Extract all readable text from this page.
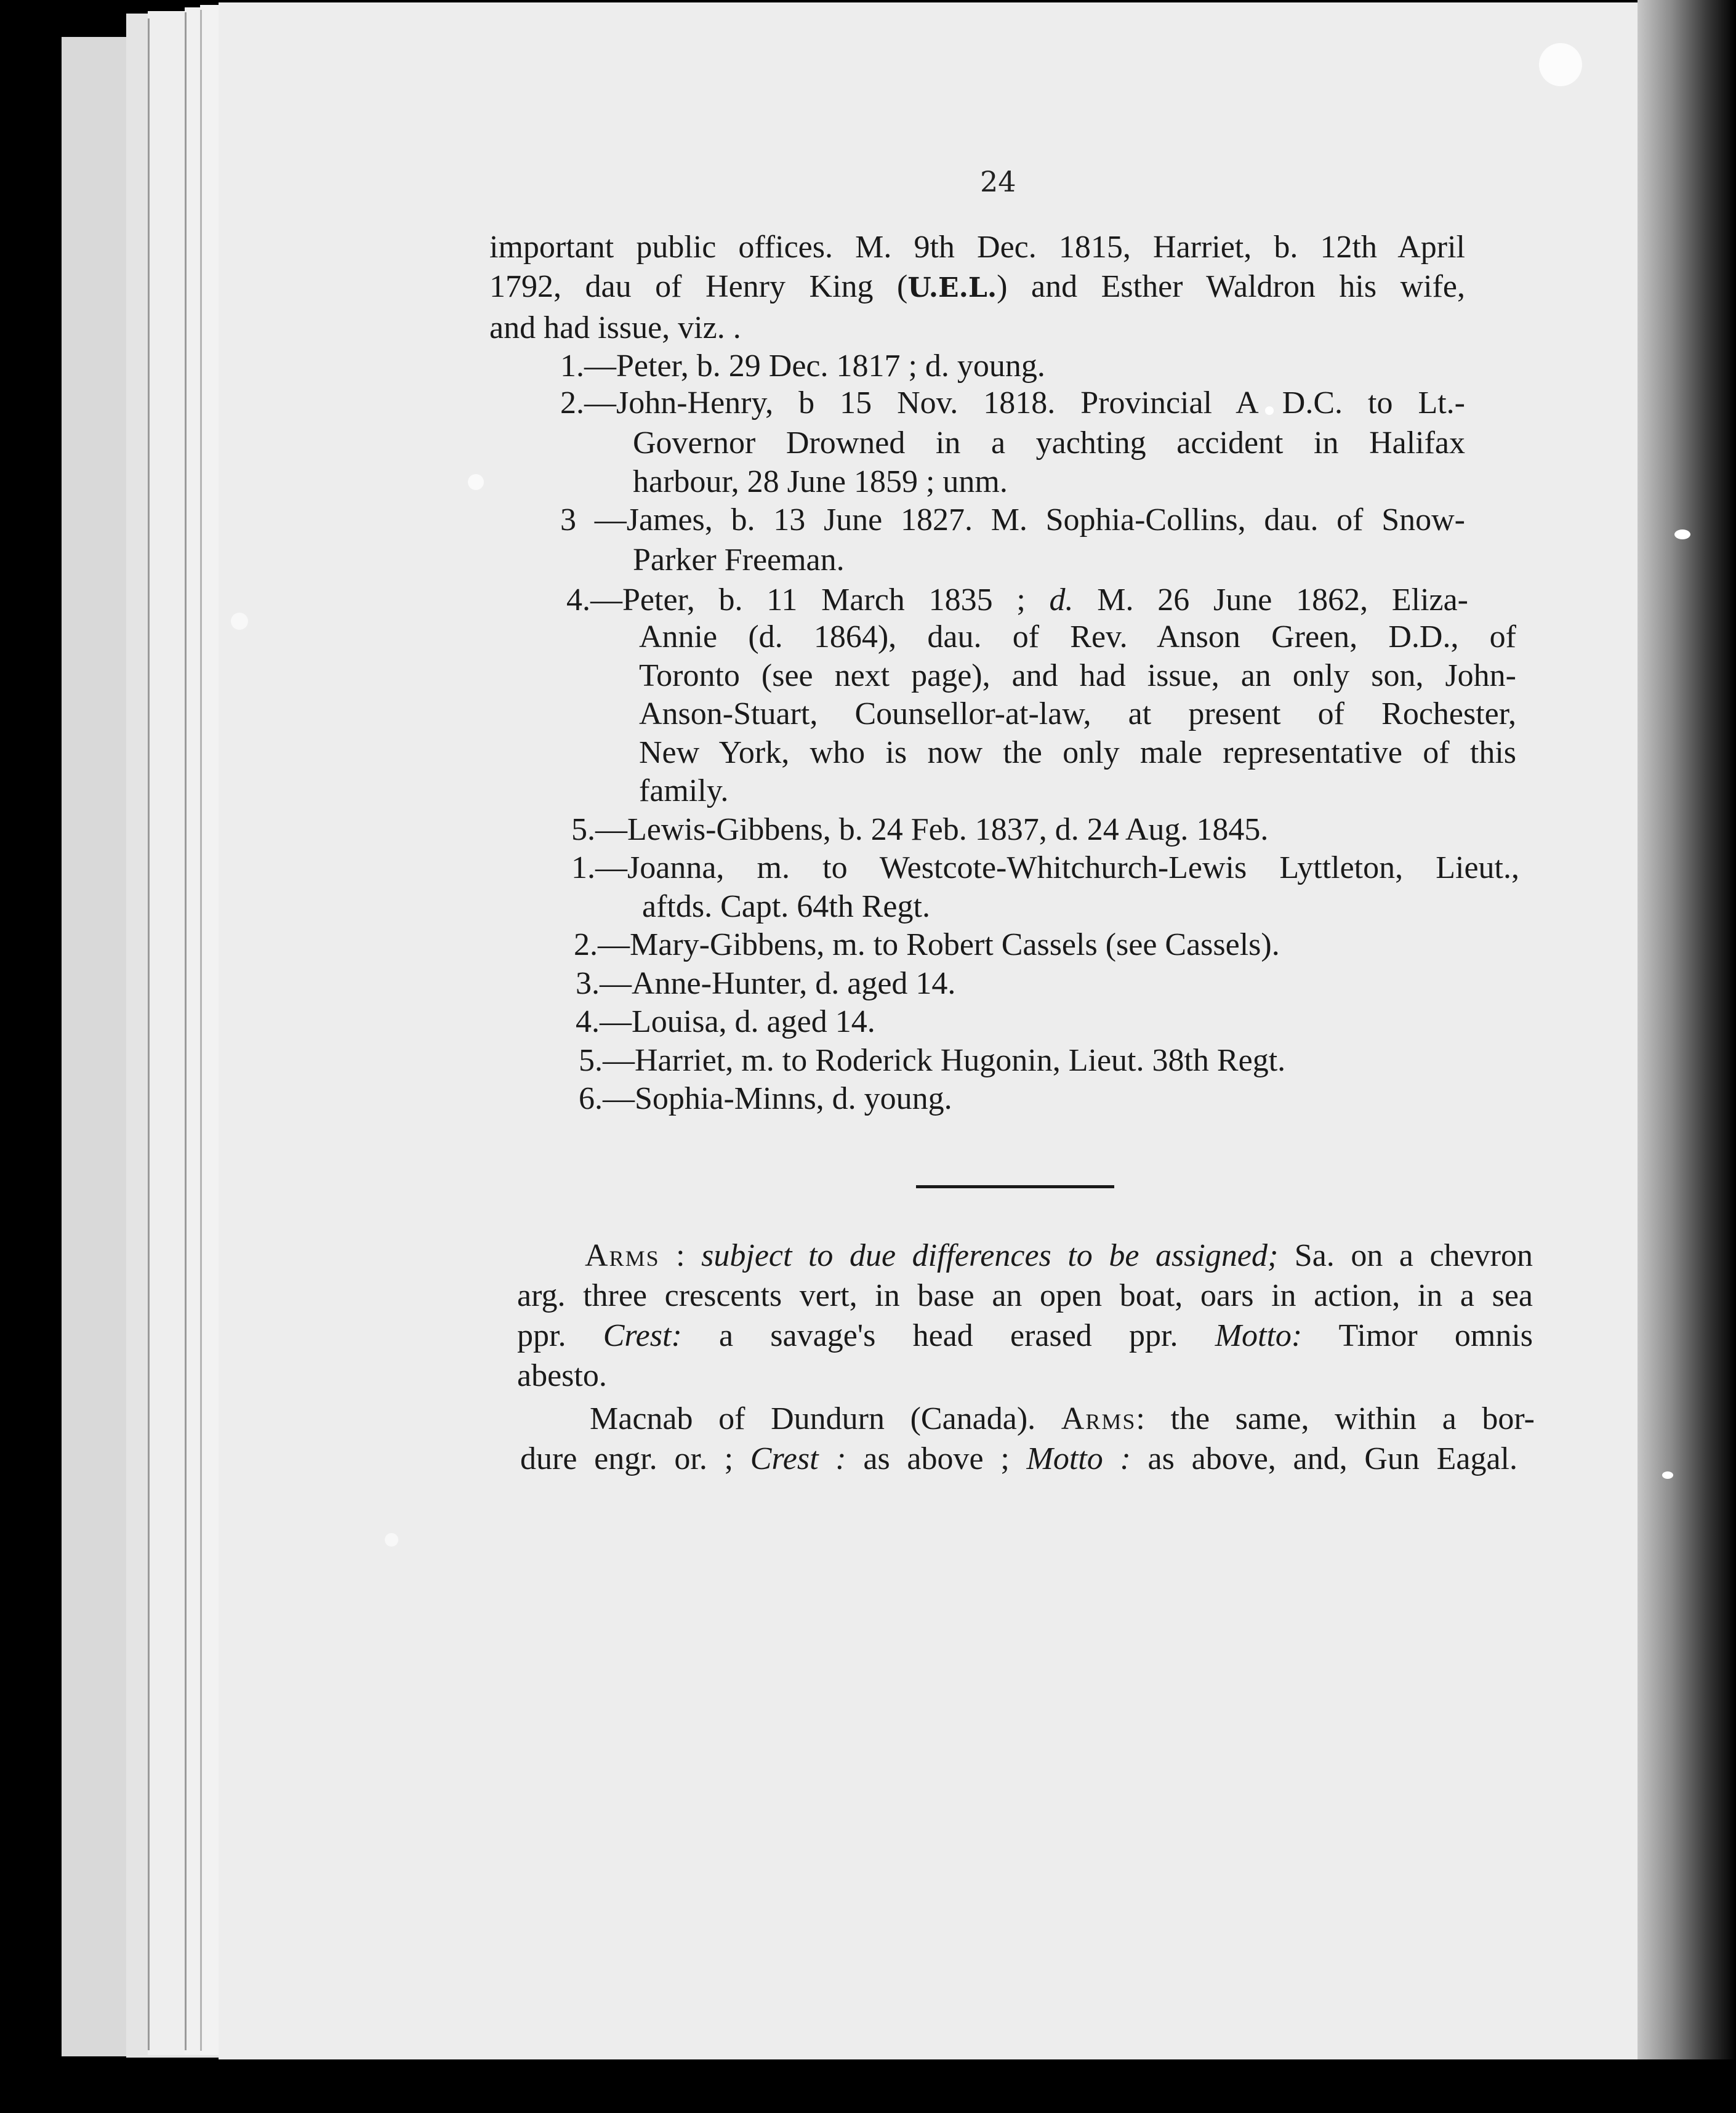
24
important public offices. M. 9th Dec. 1815, Harriet, b. 12th April
1792, dau of Henry King (U.E.L.) and Esther Waldron his wife,
and had issue, viz. .
1.—Peter, b. 29 Dec. 1817 ; d. young.
2.—John-Henry, b 15 Nov. 1818. Provincial A D.C. to Lt.-
Governor Drowned in a yachting accident in Halifax
harbour, 28 June 1859 ; unm.
3 —James, b. 13 June 1827. M. Sophia-Collins, dau. of Snow-
Parker Freeman.
4.—Peter, b. 11 March 1835 ; d. M. 26 June 1862, Eliza-
Annie (d. 1864), dau. of Rev. Anson Green, D.D., of
Toronto (see next page), and had issue, an only son, John-
Anson-Stuart, Counsellor-at-law, at present of Rochester,
New York, who is now the only male representative of this
family.
5.—Lewis-Gibbens, b. 24 Feb. 1837, d. 24 Aug. 1845.
1.—Joanna, m. to Westcote-Whitchurch-Lewis Lyttleton, Lieut.,
aftds. Capt. 64th Regt.
2.—Mary-Gibbens, m. to Robert Cassels (see Cassels).
3.—Anne-Hunter, d. aged 14.
4.—Louisa, d. aged 14.
5.—Harriet, m. to Roderick Hugonin, Lieut. 38th Regt.
6.—Sophia-Minns, d. young.
Arms : subject to due differences to be assigned; Sa. on a chevron
arg. three crescents vert, in base an open boat, oars in action, in a sea
ppr. Crest: a savage's head erased ppr. Motto: Timor omnis
abesto.
Macnab of Dundurn (Canada). Arms: the same, within a bor-
dure engr. or. ; Crest : as above ; Motto : as above, and, Gun Eagal.
